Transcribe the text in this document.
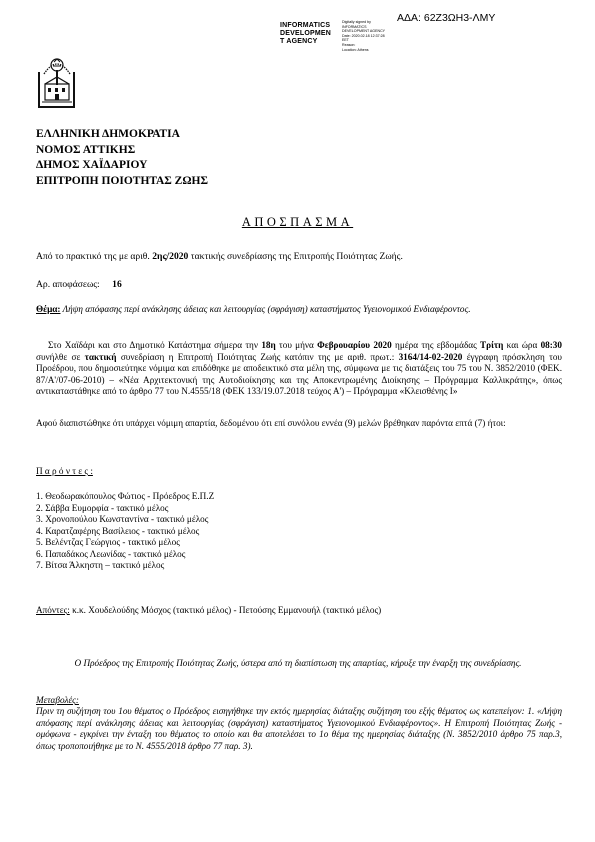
ΑΔΑ: 62Ζ3ΩΗ3-ΛΜΥ
INFORMATICS
DEVELOPMEN
T AGENCY
Digitally signed by
INFORMATICS
DEVELOPMENT AGENCY
Date: 2020.02.18 12:37:28
EET
Reason:
Location: Athens
ΕΛΛΗΝΙΚΗ ΔΗΜΟΚΡΑΤΙΑ
ΝΟΜΟΣ ΑΤΤΙΚΗΣ
ΔΗΜΟΣ ΧΑΪΔΑΡΙΟΥ
ΕΠΙΤΡΟΠΗ ΠΟΙΟΤΗΤΑΣ ΖΩΗΣ
ΑΠΟΣΠΑΣΜΑ
Από το πρακτικό της με αριθ. 2ης/2020 τακτικής συνεδρίασης της Επιτροπής Ποιότητας Ζωής.
Αρ. αποφάσεως: 16
Θέμα: Λήψη απόφασης περί ανάκλησης άδειας και λειτουργίας (σφράγιση) καταστήματος Υγειονομικού Ενδιαφέροντος.
Στο Χαϊδάρι και στο Δημοτικό Κατάστημα σήμερα την 18η του μήνα Φεβρουαρίου 2020 ημέρα της εβδομάδας Τρίτη και ώρα 08:30 συνήλθε σε τακτική συνεδρίαση η Επιτροπή Ποιότητας Ζωής κατόπιν της με αριθ. πρωτ.: 3164/14-02-2020 έγγραφη πρόσκληση του Προέδρου, που δημοσιεύτηκε νόμιμα και επιδόθηκε με αποδεικτικό στα μέλη της, σύμφωνα με τις διατάξεις του 75 του Ν. 3852/2010 (ΦΕΚ. 87/Α'/07-06-2010) – «Νέα Αρχιτεκτονική της Αυτοδιοίκησης και της Αποκεντρωμένης Διοίκησης – Πρόγραμμα Καλλικράτης», όπως αντικαταστάθηκε από το άρθρο 77 του Ν.4555/18 (ΦΕΚ 133/19.07.2018 τεύχος Α') – Πρόγραμμα «Κλεισθένης Ι»
Αφού διαπιστώθηκε ότι υπάρχει νόμιμη απαρτία, δεδομένου ότι επί συνόλου εννέα (9) μελών βρέθηκαν παρόντα επτά (7) ήτοι:
Π α ρ ό ν τ ε ς :
1. Θεοδωρακόπουλος Φώτιος - Πρόεδρος Ε.Π.Ζ
2. Σάββα Ευμορφία - τακτικό μέλος
3. Χρονοπούλου Κωνσταντίνα - τακτικό μέλος
4. Καρατζαφέρης Βασίλειος - τακτικό μέλος
5. Βελέντζας Γεώργιος - τακτικό μέλος
6. Παπαδάκος Λεωνίδας - τακτικό μέλος
7. Βίτσα Άλκηστη – τακτικό μέλος
Απόντες: κ.κ. Χουδελούδης Μόσχος (τακτικό μέλος) - Πετούσης Εμμανουήλ (τακτικό μέλος)
Ο Πρόεδρος της Επιτροπής Ποιότητας Ζωής, ύστερα από τη διαπίστωση της απαρτίας, κήρυξε την έναρξη της συνεδρίασης.
Μεταβολές:
Πριν τη συζήτηση του 1ου θέματος ο Πρόεδρος εισηγήθηκε την εκτός ημερησίας διάταξης συζήτηση του εξής θέματος ως κατεπείγον: 1. «Λήψη απόφασης περί ανάκλησης άδειας και λειτουργίας (σφράγιση) καταστήματος Υγειονομικού Ενδιαφέροντος». Η Επιτροπή Ποιότητας Ζωής - ομόφωνα - εγκρίνει την ένταξη του θέματος το οποίο και θα αποτελέσει το 1ο θέμα της ημερησίας διάταξης (Ν. 3852/2010 άρθρο 75 παρ.3, όπως τροποποιήθηκε με το Ν. 4555/2018 άρθρο 77 παρ. 3).
